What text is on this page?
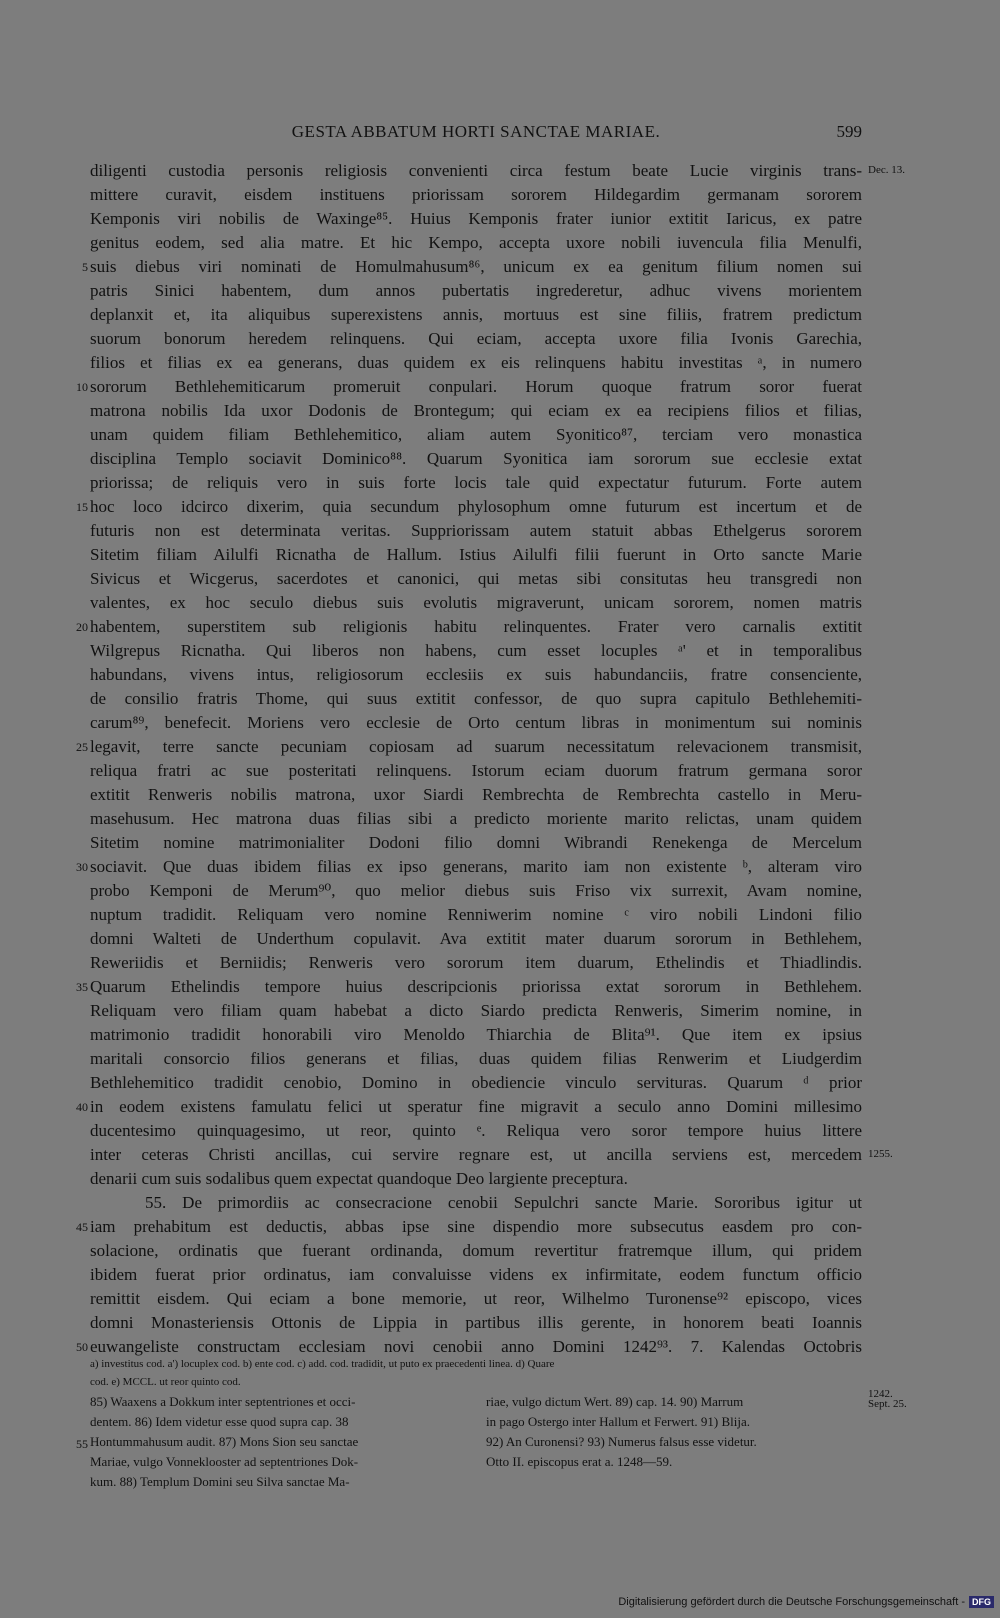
GESTA ABBATUM HORTI SANCTAE MARIAE.	599
diligenti custodia personis religiosis convenienti circa festum beate Lucie virginis trans-
mittere curavit, eisdem instituens priorissam sororem Hildegardim germanam sororem
Kemponis viri nobilis de Waxinge⁸⁵. Huius Kemponis frater iunior extitit Iaricus, ex patre
genitus eodem, sed alia matre. Et hic Kempo, accepta uxore nobili iuvencula filia Menulfi,
suis diebus viri nominati de Homulmahusum⁸⁶, unicum ex ea genitum filium nomen sui
patris Sinici habentem, dum annos pubertatis ingrederetur, adhuc vivens morientem
deplanxit et, ita aliquibus superexistens annis, mortuus est sine filiis, fratrem predictum
suorum bonorum heredem relinquens. Qui eciam, accepta uxore filia Ivonis Garechia,
filios et filias ex ea generans, duas quidem ex eis relinquens habitu investitas ᵃ, in numero
sororum Bethlehemiticarum promeruit conpulari. Horum quoque fratrum soror fuerat
matrona nobilis Ida uxor Dodonis de Brontegum; qui eciam ex ea recipiens filios et filias,
unam quidem filiam Bethlehemitico, aliam autem Syonitico⁸⁷, terciam vero monastica
disciplina Templo sociavit Dominico⁸⁸. Quarum Syonitica iam sororum sue ecclesie extat
priorissa; de reliquis vero in suis forte locis tale quid expectatur futurum. Forte autem
hoc loco idcirco dixerim, quia secundum phylosophum omne futurum est incertum et de
futuris non est determinata veritas. Suppriorissam autem statuit abbas Ethelgerus sororem
Sitetim filiam Ailulfi Ricnatha de Hallum. Istius Ailulfi filii fuerunt in Orto sancte Marie
Sivicus et Wicgerus, sacerdotes et canonici, qui metas sibi consitutas heu transgredi non
valentes, ex hoc seculo diebus suis evolutis migraverunt, unicam sororem, nomen matris
habentem, superstitem sub religionis habitu relinquentes. Frater vero carnalis extitit
Wilgrepus Ricnatha. Qui liberos non habens, cum esset locuples ᵃ' et in temporalibus
habundans, vivens intus, religiosorum ecclesiis ex suis habundanciis, fratre consenciente,
de consilio fratris Thome, qui suus extitit confessor, de quo supra capitulo Bethlehemiti-
carum⁸⁹, benefecit. Moriens vero ecclesie de Orto centum libras in monimentum sui nominis
legavit, terre sancte pecuniam copiosam ad suarum necessitatum relevacionem transmisit,
reliqua fratri ac sue posteritati relinquens. Istorum eciam duorum fratrum germana soror
extitit Renweris nobilis matrona, uxor Siardi Rembrechta de Rembrechta castello in Meru-
masehusum. Hec matrona duas filias sibi a predicto moriente marito relictas, unam quidem
Sitetim nomine matrimonialiter Dodoni filio domni Wibrandi Renekenga de Mercelum
sociavit. Que duas ibidem filias ex ipso generans, marito iam non existente ᵇ, alteram viro
probo Kemponi de Merum⁹⁰, quo melior diebus suis Friso vix surrexit, Avam nomine,
nuptum tradidit. Reliquam vero nomine Renniwerim nomine ᶜ viro nobili Lindoni filio
domni Walteti de Underthum copulavit. Ava extitit mater duarum sororum in Bethlehem,
Reweriidis et Berniidis; Renweris vero sororum item duarum, Ethelindis et Thiadlindis.
Quarum Ethelindis tempore huius descripcionis priorissa extat sororum in Bethlehem.
Reliquam vero filiam quam habebat a dicto Siardo predicta Renweris, Simerim nomine, in
matrimonio tradidit honorabili viro Menoldo Thiarchia de Blita⁹¹. Que item ex ipsius
maritali consorcio filios generans et filias, duas quidem filias Renwerim et Liudgerdim
Bethlehemitico tradidit cenobio, Domino in obediencie vinculo servituras. Quarum ᵈ prior
in eodem existens famulatu felici ut speratur fine migravit a seculo anno Domini millesimo
ducentesimo quinquagesimo, ut reor, quinto ᵉ. Reliqua vero soror tempore huius littere
inter ceteras Christi ancillas, cui servire regnare est, ut ancilla serviens est, mercedem
denarii cum suis sodalibus quem expectat quandoque Deo largiente preceptura.
55. De primordiis ac consecracione cenobii Sepulchri sancte Marie. Sororibus igitur ut
iam prehabitum est deductis, abbas ipse sine dispendio more subsecutus easdem pro con-
solacione, ordinatis que fuerant ordinanda, domum revertitur fratremque illum, qui pridem
ibidem fuerat prior ordinatus, iam convaluisse videns ex infirmitate, eodem functum officio
remittit eisdem. Qui eciam a bone memorie, ut reor, Wilhelmo Turonense⁹² episcopo, vices
domni Monasteriensis Ottonis de Lippia in partibus illis gerente, in honorem beati Ioannis
euwangeliste constructam ecclesiam novi cenobii anno Domini 1242⁹³. 7. Kalendas Octobris
5
10
15
20
25
30
35
40
45
50
Dec. 13.
1255.
1242.
Sept. 25.
a) investitus cod. a') locuplex cod. b) ente cod. c) add. cod. tradidit, ut puto ex praecedenti linea. d) Quare
cod. e) MCCL. ut reor quinto cod.
85) Waaxens a Dokkum inter septentriones et occi-
dentem. 86) Idem videtur esse quod supra cap. 38
Hontummahusum audit. 87) Mons Sion seu sanctae
Mariae, vulgo Vonneklooster ad septentriones Dok-
kum. 88) Templum Domini seu Silva sanctae Ma-
55
riae, vulgo dictum Wert. 89) cap. 14. 90) Marrum
in pago Ostergo inter Hallum et Ferwert. 91) Blija.
92) An Curonensi? 93) Numerus falsus esse videtur.
Otto II. episcopus erat a. 1248—59.
Digitalisierung gefördert durch die Deutsche Forschungsgemeinschaft - DFG
